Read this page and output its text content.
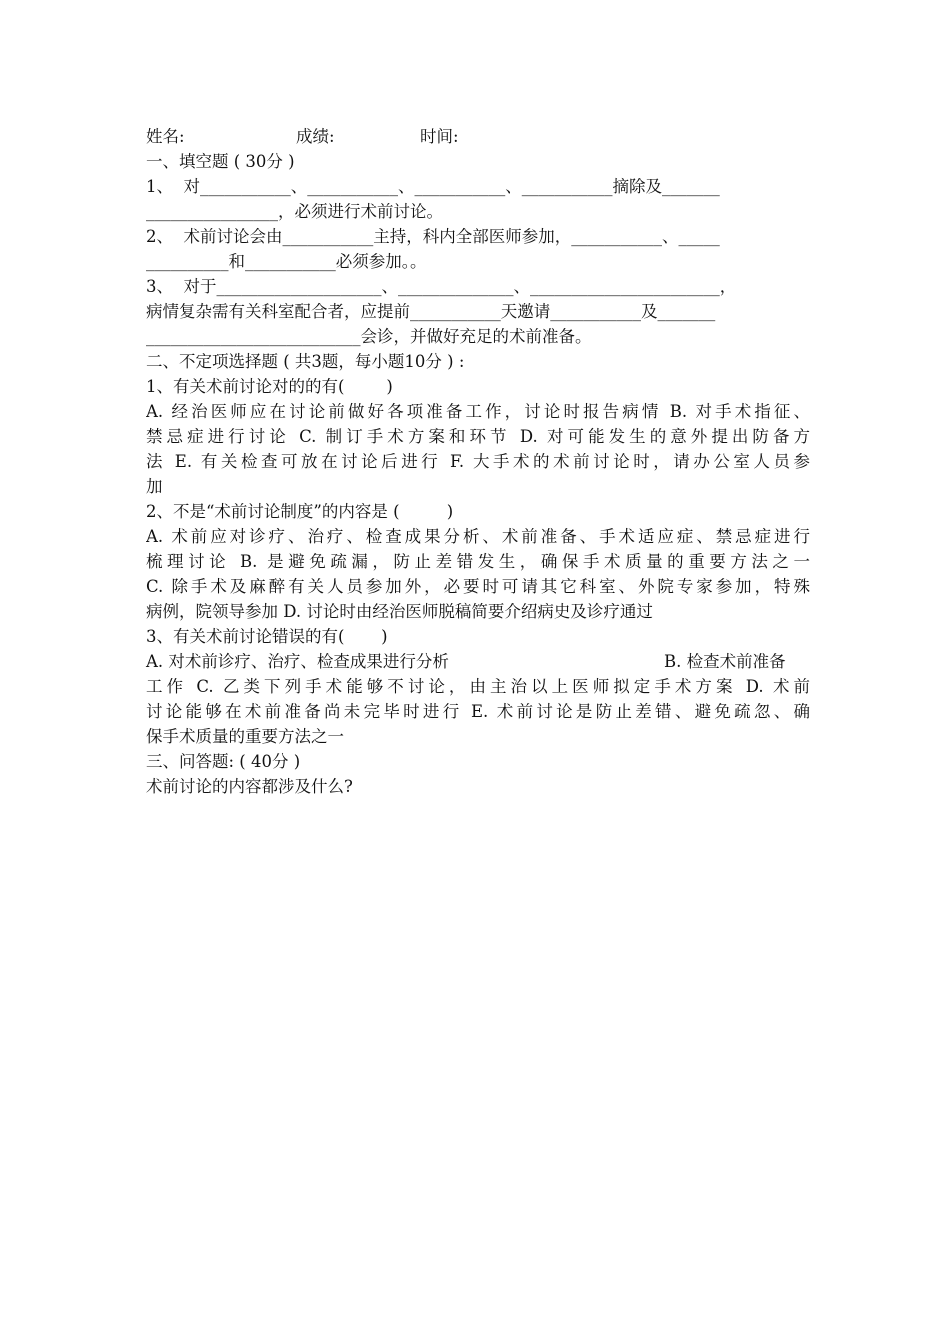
姓名:	成绩:	时间:
一、填空题 ( 30分 )
1、  对___________、___________、___________、___________摘除及_______
________________，必须进行术前讨论。
2、  术前讨论会由___________主持，科内全部医师参加，___________、_____
__________和___________必须参加。。
3、  对于____________________、______________、_______________________，
病情复杂需有关科室配合者，应提前___________天邀请___________及_______
__________________________会诊，并做好充足的术前准备。
二、不定项选择题 ( 共3题，每小题10分 ) :
1、有关术前讨论对的的有(        )
A. 经治医师应在讨论前做好各项准备工作，讨论时报告病情 B. 对手术指征、
禁忌症进行讨论 C. 制订手术方案和环节 D. 对可能发生的意外提出防备方
法 E. 有关检查可放在讨论后进行 F. 大手术的术前讨论时，请办公室人员参
加
2、不是“术前讨论制度”的内容是 (         )
A. 术前应对诊疗、治疗、检查成果分析、术前准备、手术适应症、禁忌症进行
梳理讨论 B. 是避免疏漏，防止差错发生，确保手术质量的重要方法之一
C. 除手术及麻醉有关人员参加外，必要时可请其它科室、外院专家参加，特殊
病例，院领导参加 D. 讨论时由经治医师脱稿简要介绍病史及诊疗通过
3、有关术前讨论错误的有(       )
A. 对术前诊疗、治疗、检查成果进行分析	B. 检查术前准备
工作 C. 乙类下列手术能够不讨论，由主治以上医师拟定手术方案 D. 术前
讨论能够在术前准备尚未完毕时进行 E. 术前讨论是防止差错、避免疏忽、确
保手术质量的重要方法之一
三、问答题: ( 40分 )
术前讨论的内容都涉及什么?
